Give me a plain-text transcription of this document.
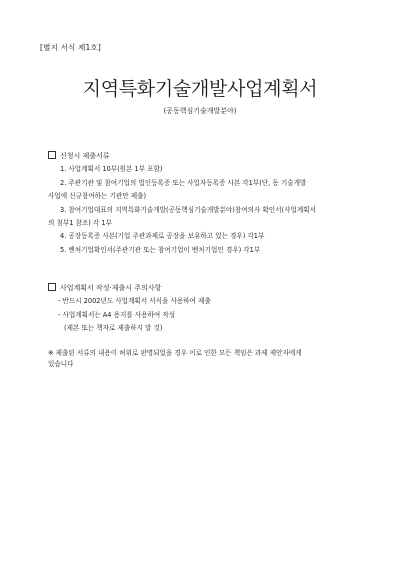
[별지 서식 제1호]
지역특화기술개발사업계획서
(공동핵심기술개발분야)
신청시 제출서류
1. 사업계획서 10부(원본 1부 포함)
2. 주관기관 및 참여기업의 법인등록증 또는 사업자등록증 사본 각1부(단, 동 기술개발
사업에 신규참여하는 기관만 제출)
3. 참여기업대표의 지역특화기술개발(공동핵심기술개발분야)참여의사 확인서(사업계획서
의 첨부1 참조) 각 1부
4. 공장등록증 사본(기업 주관과제로 공장을 보유하고 있는 경우) 각1부
5. 벤처기업확인서(주관기관 또는 참여기업이 벤처기업인 경우) 각1부
사업계획서 작성·제출시 주의사항
- 반드시 2002년도 사업계획서 서식을 사용하여 제출
- 사업계획서는 A4 용지를 사용하여 작성
(제본 또는 책자로 제출하지 말 것)
※ 제출된 서류의 내용이 허위로 판명되었을 경우 이로 인한 모든 책임은 과제 제안자에게
있습니다
